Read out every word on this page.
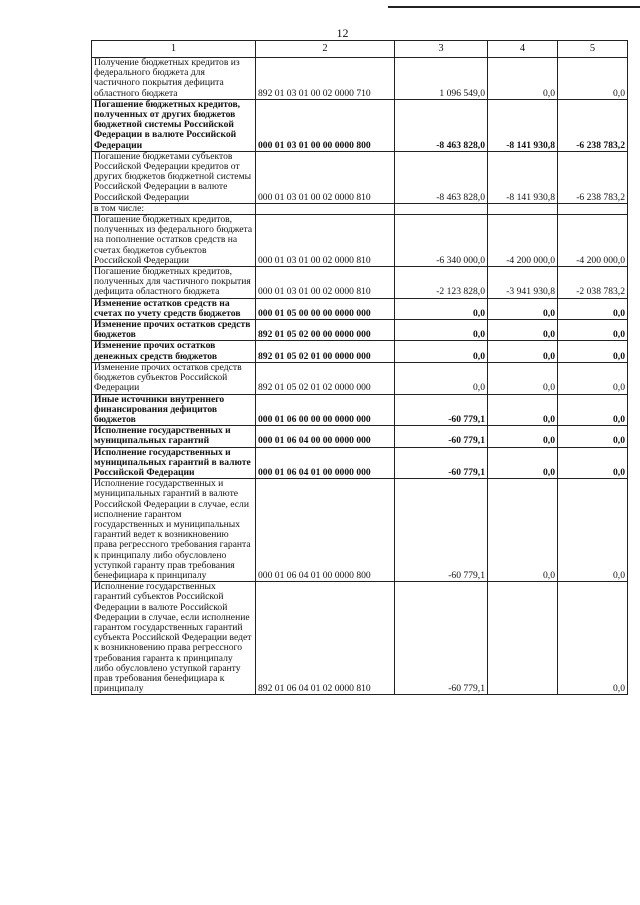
12
1	2	3	4	5
Получение бюджетных кредитов из федерального бюджета для частичного покрытия дефицита областного бюджета	892 01 03 01 00 02 0000 710	1 096 549,0	0,0	0,0
Погашение бюджетных кредитов, полученных от других бюджетов бюджетной системы Российской Федерации в валюте Российской Федерации	000 01 03 01 00 00 0000 800	-8 463 828,0	-8 141 930,8	-6 238 783,2
Погашение бюджетами субъектов Российской Федерации кредитов от других бюджетов бюджетной системы Российской Федерации в валюте Российской Федерации	000 01 03 01 00 02 0000 810	-8 463 828,0	-8 141 930,8	-6 238 783,2
в том числе:				
Погашение бюджетных кредитов, полученных из федерального бюджета на пополнение остатков средств на счетах бюджетов субъектов Российской Федерации	000 01 03 01 00 02 0000 810	-6 340 000,0	-4 200 000,0	-4 200 000,0
Погашение бюджетных кредитов, полученных для частичного покрытия дефицита областного бюджета	000 01 03 01 00 02 0000 810	-2 123 828,0	-3 941 930,8	-2 038 783,2
Изменение остатков средств на счетах по учету средств бюджетов	000 01 05 00 00 00 0000 000	0,0	0,0	0,0
Изменение прочих остатков средств бюджетов	892 01 05 02 00 00 0000 000	0,0	0,0	0,0
Изменение прочих остатков денежных средств бюджетов	892 01 05 02 01 00 0000 000	0,0	0,0	0,0
Изменение прочих остатков средств бюджетов субъектов Российской Федерации	892 01 05 02 01 02 0000 000	0,0	0,0	0,0
Иные источники внутреннего финансирования дефицитов бюджетов	000 01 06 00 00 00 0000 000	-60 779,1	0,0	0,0
Исполнение государственных и муниципальных гарантий	000 01 06 04 00 00 0000 000	-60 779,1	0,0	0,0
Исполнение государственных и муниципальных гарантий в валюте Российской Федерации	000 01 06 04 01 00 0000 000	-60 779,1	0,0	0,0
Исполнение государственных и муниципальных гарантий в валюте Российской Федерации в случае, если исполнение гарантом государственных и муниципальных гарантий ведет к возникновению права регрессного требования гаранта к принципалу либо обусловлено уступкой гаранту прав требования бенефициара к принципалу	000 01 06 04 01 00 0000 800	-60 779,1	0,0	0,0
Исполнение государственных гарантий субъектов Российской Федерации в валюте Российской Федерации в случае, если исполнение гарантом государственных гарантий субъекта Российской Федерации ведет к возникновению права регрессного требования гаранта к принципалу либо обусловлено уступкой гаранту прав требования бенефициара к принципалу	892 01 06 04 01 02 0000 810	-60 779,1		0,0
